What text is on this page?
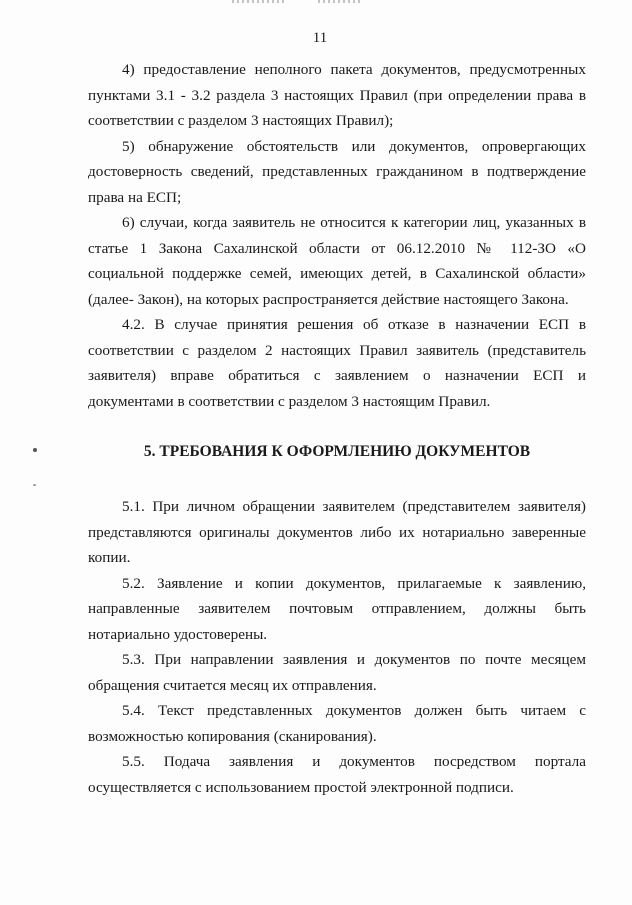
11

4) предоставление неполного пакета документов, предусмотренных пунктами 3.1 - 3.2 раздела 3 настоящих Правил (при определении права в соответствии с разделом 3 настоящих Правил);

5) обнаружение обстоятельств или документов, опровергающих достоверность сведений, представленных гражданином в подтверждение права на ЕСП;

6) случаи, когда заявитель не относится к категории лиц, указанных в статье 1 Закона Сахалинской области от 06.12.2010 № 112-ЗО «О социальной поддержке семей, имеющих детей, в Сахалинской области» (далее- Закон), на которых распространяется действие настоящего Закона.

4.2. В случае принятия решения об отказе в назначении ЕСП в соответствии с разделом 2 настоящих Правил заявитель (представитель заявителя) вправе обратиться с заявлением о назначении ЕСП и документами в соответствии с разделом 3 настоящим Правил.

5. ТРЕБОВАНИЯ К ОФОРМЛЕНИЮ ДОКУМЕНТОВ

5.1. При личном обращении заявителем (представителем заявителя) представляются оригиналы документов либо их нотариально заверенные копии.

5.2. Заявление и копии документов, прилагаемые к заявлению, направленные заявителем почтовым отправлением, должны быть нотариально удостоверены.

5.3. При направлении заявления и документов по почте месяцем обращения считается месяц их отправления.

5.4. Текст представленных документов должен быть читаем с возможностью копирования (сканирования).

5.5. Подача заявления и документов посредством портала осуществляется с использованием простой электронной подписи.
